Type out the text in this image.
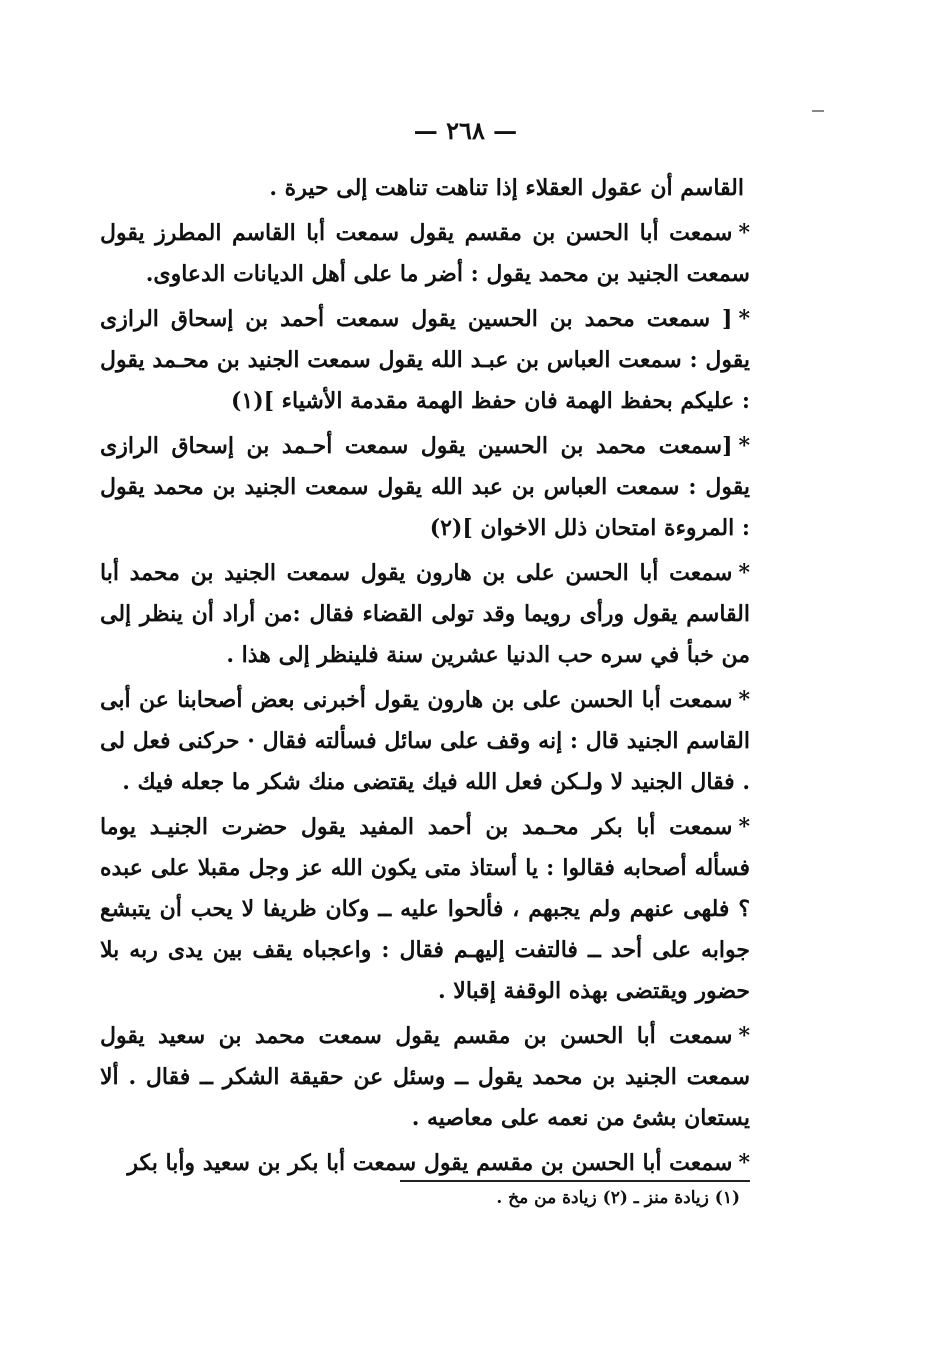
— ٢٦٨ —

القاسم أن عقول العقلاء إذا تناهت تناهت إلى حيرة .

*سمعت أبا الحسن بن مقسم يقول سمعت أبا القاسم المطرز يقول سمعت الجنيد بن محمد يقول : أضر ما على أهل الديانات الدعاوى.

*[ سمعت محمد بن الحسين يقول سمعت أحمد بن إسحاق الرازى يقول : سمعت العباس بن عبـد الله يقول سمعت الجنيد بن محـمد يقول : عليكم بحفظ الهمة فان حفظ الهمة مقدمة الأشياء ](١)

*[سمعت محمد بن الحسين يقول سمعت أحـمد بن إسحاق الرازى يقول : سمعت العباس بن عبد الله يقول سمعت الجنيد بن محمد يقول : المروءة امتحان ذلل الاخوان ](٢)

*سمعت أبا الحسن على بن هارون يقول سمعت الجنيد بن محمد أبا القاسم يقول ورأى رويما وقد تولى القضاء فقال :من أراد أن ينظر إلى من خبأ في سره حب الدنيا عشرين سنة فلينظر إلى هذا .

*سمعت أبا الحسن على بن هارون يقول أخبرنى بعض أصحابنا عن أبى القاسم الجنيد قال : إنه وقف على سائل فسألته فقال · حركنى فعل لى . فقال الجنيد لا ولـكن فعل الله فيك يقتضى منك شكر ما جعله فيك .

*سمعت أبا بكر محـمد بن أحمد المفيد يقول حضرت الجنيـد يوما فسأله أصحابه فقالوا : يا أستاذ متى يكون الله عز وجل مقبلا على عبده ؟ فلهى عنهم ولم يجبهم ، فألحوا عليه ــ وكان ظريفا لا يحب أن يتبشع جوابه على أحد ــ فالتفت إليهـم فقال : واعجباه يقف بين يدى ربه بلا حضور ويقتضى بهذه الوقفة إقبالا .

*سمعت أبا الحسن بن مقسم يقول سمعت محمد بن سعيد يقول سمعت الجنيد بن محمد يقول ــ وسئل عن حقيقة الشكر ــ فقال . ألا يستعان بشئ من نعمه على معاصيه .

*سمعت أبا الحسن بن مقسم يقول سمعت أبا بكر بن سعيد وأبا بكر

(١) زيادة منز ـ (٢) زيادة من مخ .
